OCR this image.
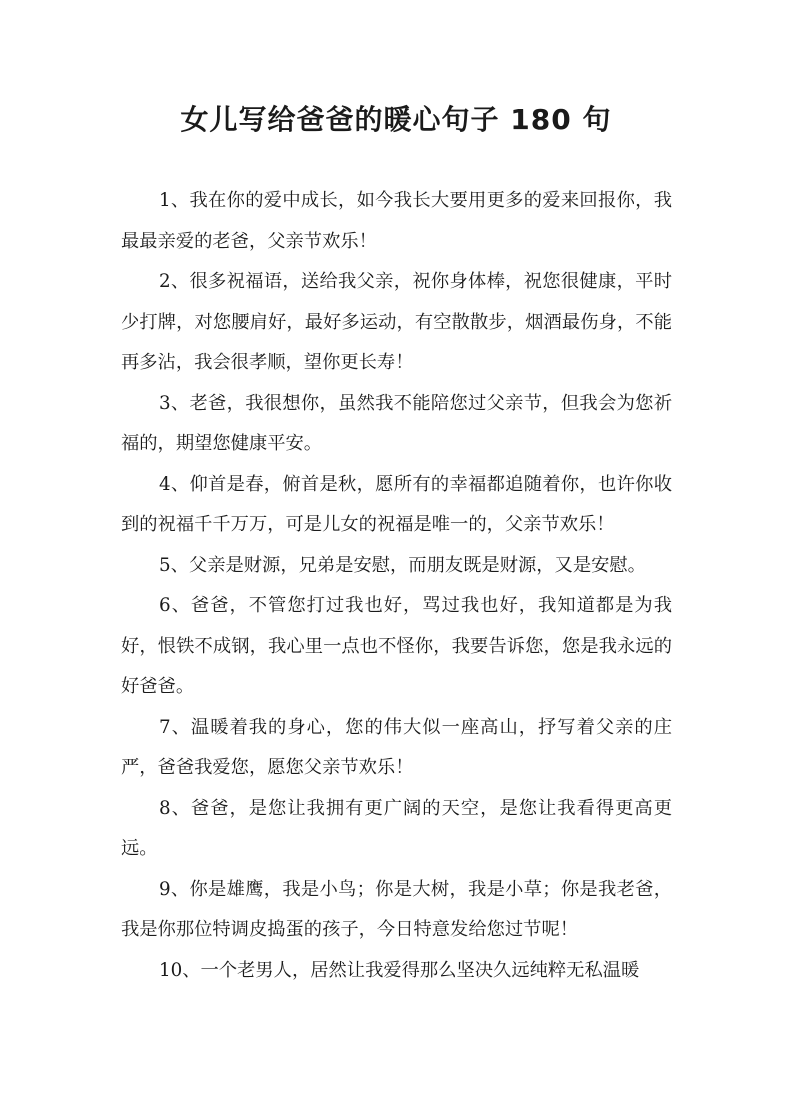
女儿写给爸爸的暖心句子 180 句

1、我在你的爱中成长，如今我长大要用更多的爱来回报你，我最最亲爱的老爸，父亲节欢乐！

2、很多祝福语，送给我父亲，祝你身体棒，祝您很健康，平时少打牌，对您腰肩好，最好多运动，有空散散步，烟酒最伤身，不能再多沾，我会很孝顺，望你更长寿！

3、老爸，我很想你，虽然我不能陪您过父亲节，但我会为您祈福的，期望您健康平安。

4、仰首是春，俯首是秋，愿所有的幸福都追随着你，也许你收到的祝福千千万万，可是儿女的祝福是唯一的，父亲节欢乐！

5、父亲是财源，兄弟是安慰，而朋友既是财源，又是安慰。

6、爸爸，不管您打过我也好，骂过我也好，我知道都是为我好，恨铁不成钢，我心里一点也不怪你，我要告诉您，您是我永远的好爸爸。

7、温暖着我的身心，您的伟大似一座高山，抒写着父亲的庄严，爸爸我爱您，愿您父亲节欢乐！

8、爸爸，是您让我拥有更广阔的天空，是您让我看得更高更远。

9、你是雄鹰，我是小鸟；你是大树，我是小草；你是我老爸，我是你那位特调皮捣蛋的孩子，今日特意发给您过节呢！

10、一个老男人，居然让我爱得那么坚决久远纯粹无私温暖
